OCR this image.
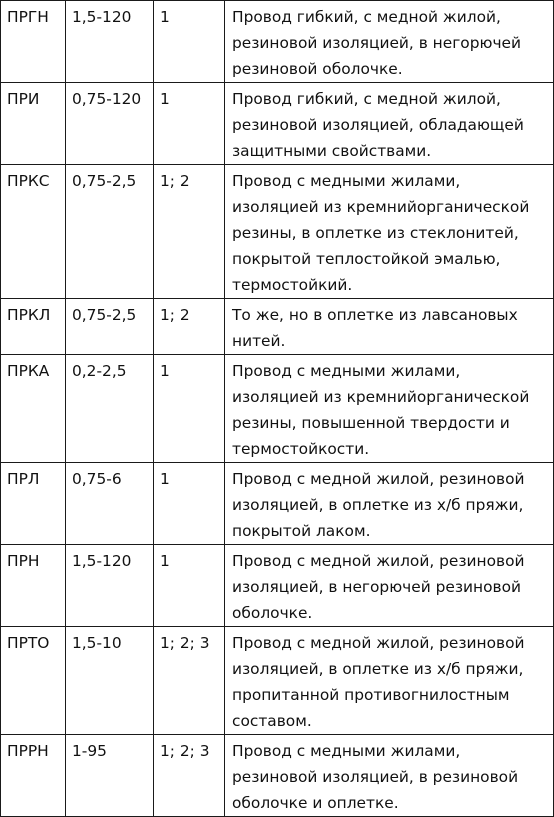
ПРГН	1,5-120	1	Провод гибкий, с медной жилой, резиновой изоляцией, в негорючей резиновой оболочке.
ПРИ	0,75-120	1	Провод гибкий, с медной жилой, резиновой изоляцией, обладающей защитными свойствами.
ПРКС	0,75-2,5	1; 2	Провод с медными жилами, изоляцией из кремнийорганической резины, в оплетке из стеклонитей, покрытой теплостойкой эмалью, термостойкий.
ПРКЛ	0,75-2,5	1; 2	То же, но в оплетке из лавсановых нитей.
ПРКА	0,2-2,5	1	Провод с медными жилами, изоляцией из кремнийорганической резины, повышенной твердости и термостойкости.
ПРЛ	0,75-6	1	Провод с медной жилой, резиновой изоляцией, в оплетке из х/б пряжи, покрытой лаком.
ПРН	1,5-120	1	Провод с медной жилой, резиновой изоляцией, в негорючей резиновой оболочке.
ПРТО	1,5-10	1; 2; 3	Провод с медной жилой, резиновой изоляцией, в оплетке из х/б пряжи, пропитанной противогнилостным составом.
ПРРН	1-95	1; 2; 3	Провод с медными жилами, резиновой изоляцией, в резиновой оболочке и оплетке.
